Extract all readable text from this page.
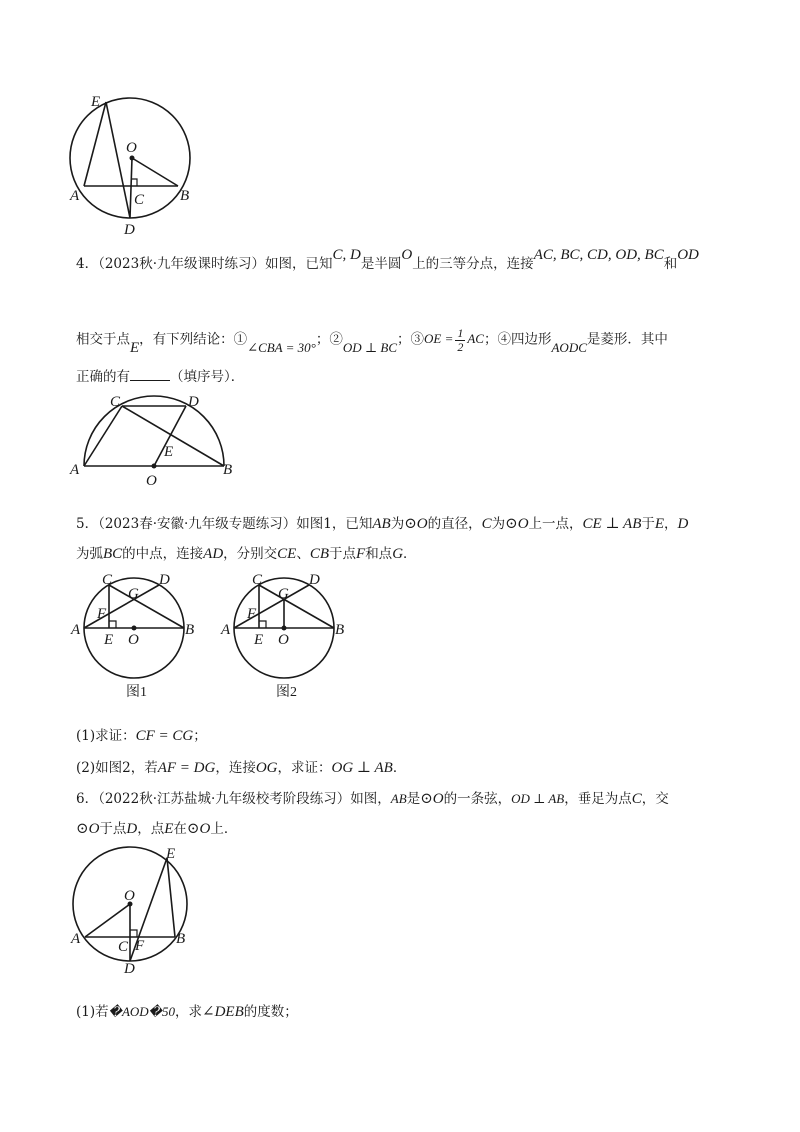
E
O
A	C B
D
4．（2023秋·九年级课时练习）如图，已知C, D是半圆O上的三等分点，连接AC, BC, CD, OD, BC和OD
相交于点E，有下列结论：①∠CBA = 30°；②OD ⊥ BC；③OE = $\frac{1}{2}$ AC；④四边形AODC是菱形．其中
正确的有	（填序号）．
C	D
E
A
O
B
5．（2023春·安徽·九年级专题练习）如图1，已知AB为⊙O的直径，C为⊙O上一点，CE ⊥ AB于E，D
为弧BC的中点，连接AD，分别交CE、CB于点F和点G．
C	D
G
F
A
E O
B
图1
C	D
G
F
A
E O
B
图2
(1)求证：CF = CG；
(2)如图2，若AF = DG，连接OG，求证：OG ⊥ AB．
6．（2022秋·江苏盐城·九年级校考阶段练习）如图，AB是⊙O的一条弦，OD ⊥ AB，垂足为点C，交
⊙O于点D，点E在⊙O上．
E
O
A	C F B
D
(1)若�AOD�50，求∠DEB的度数；
